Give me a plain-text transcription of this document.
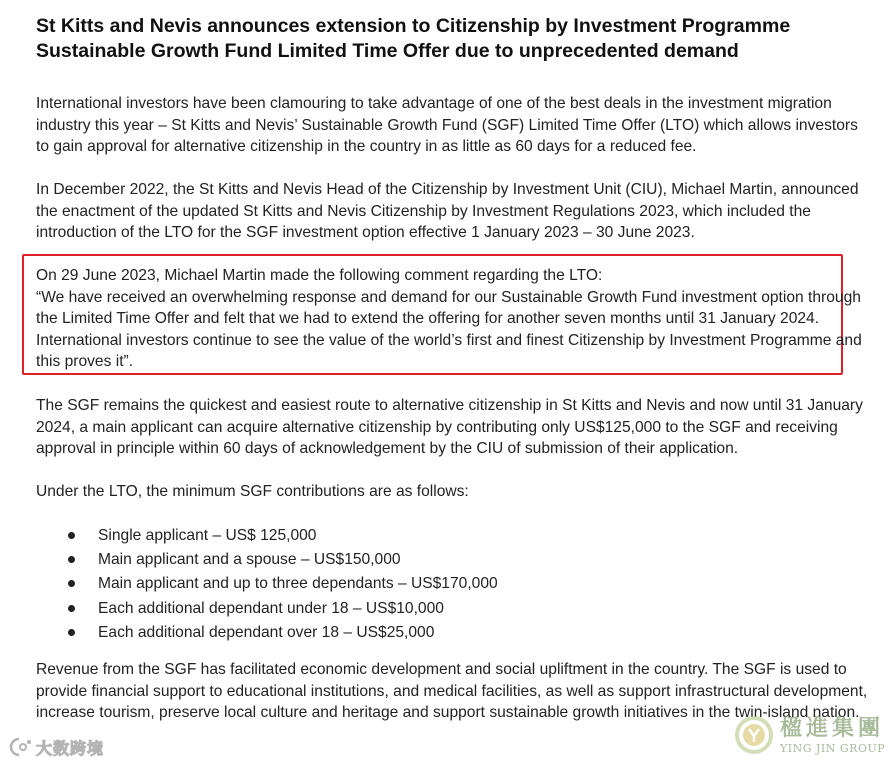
St Kitts and Nevis announces extension to Citizenship by Investment Programme Sustainable Growth Fund Limited Time Offer due to unprecedented demand
International investors have been clamouring to take advantage of one of the best deals in the investment migration industry this year – St Kitts and Nevis’ Sustainable Growth Fund (SGF) Limited Time Offer (LTO) which allows investors to gain approval for alternative citizenship in the country in as little as 60 days for a reduced fee.
In December 2022, the St Kitts and Nevis Head of the Citizenship by Investment Unit (CIU), Michael Martin, announced the enactment of the updated St Kitts and Nevis Citizenship by Investment Regulations 2023, which included the introduction of the LTO for the SGF investment option effective 1 January 2023 – 30 June 2023.
On 29 June 2023, Michael Martin made the following comment regarding the LTO:
“We have received an overwhelming response and demand for our Sustainable Growth Fund investment option through the Limited Time Offer and felt that we had to extend the offering for another seven months until 31 January 2024. International investors continue to see the value of the world’s first and finest Citizenship by Investment Programme and this proves it”.
The SGF remains the quickest and easiest route to alternative citizenship in St Kitts and Nevis and now until 31 January 2024, a main applicant can acquire alternative citizenship by contributing only US$125,000 to the SGF and receiving approval in principle within 60 days of acknowledgement by the CIU of submission of their application.
Under the LTO, the minimum SGF contributions are as follows:
Single applicant – US$ 125,000
Main applicant and a spouse – US$150,000
Main applicant and up to three dependants – US$170,000
Each additional dependant under 18 – US$10,000
Each additional dependant over 18 – US$25,000
Revenue from the SGF has facilitated economic development and social upliftment in the country. The SGF is used to provide financial support to educational institutions, and medical facilities, as well as support infrastructural development, increase tourism, preserve local culture and heritage and support sustainable growth initiatives in the twin-island nation.
大数跨境
楹進集團
YING JIN GROUP
